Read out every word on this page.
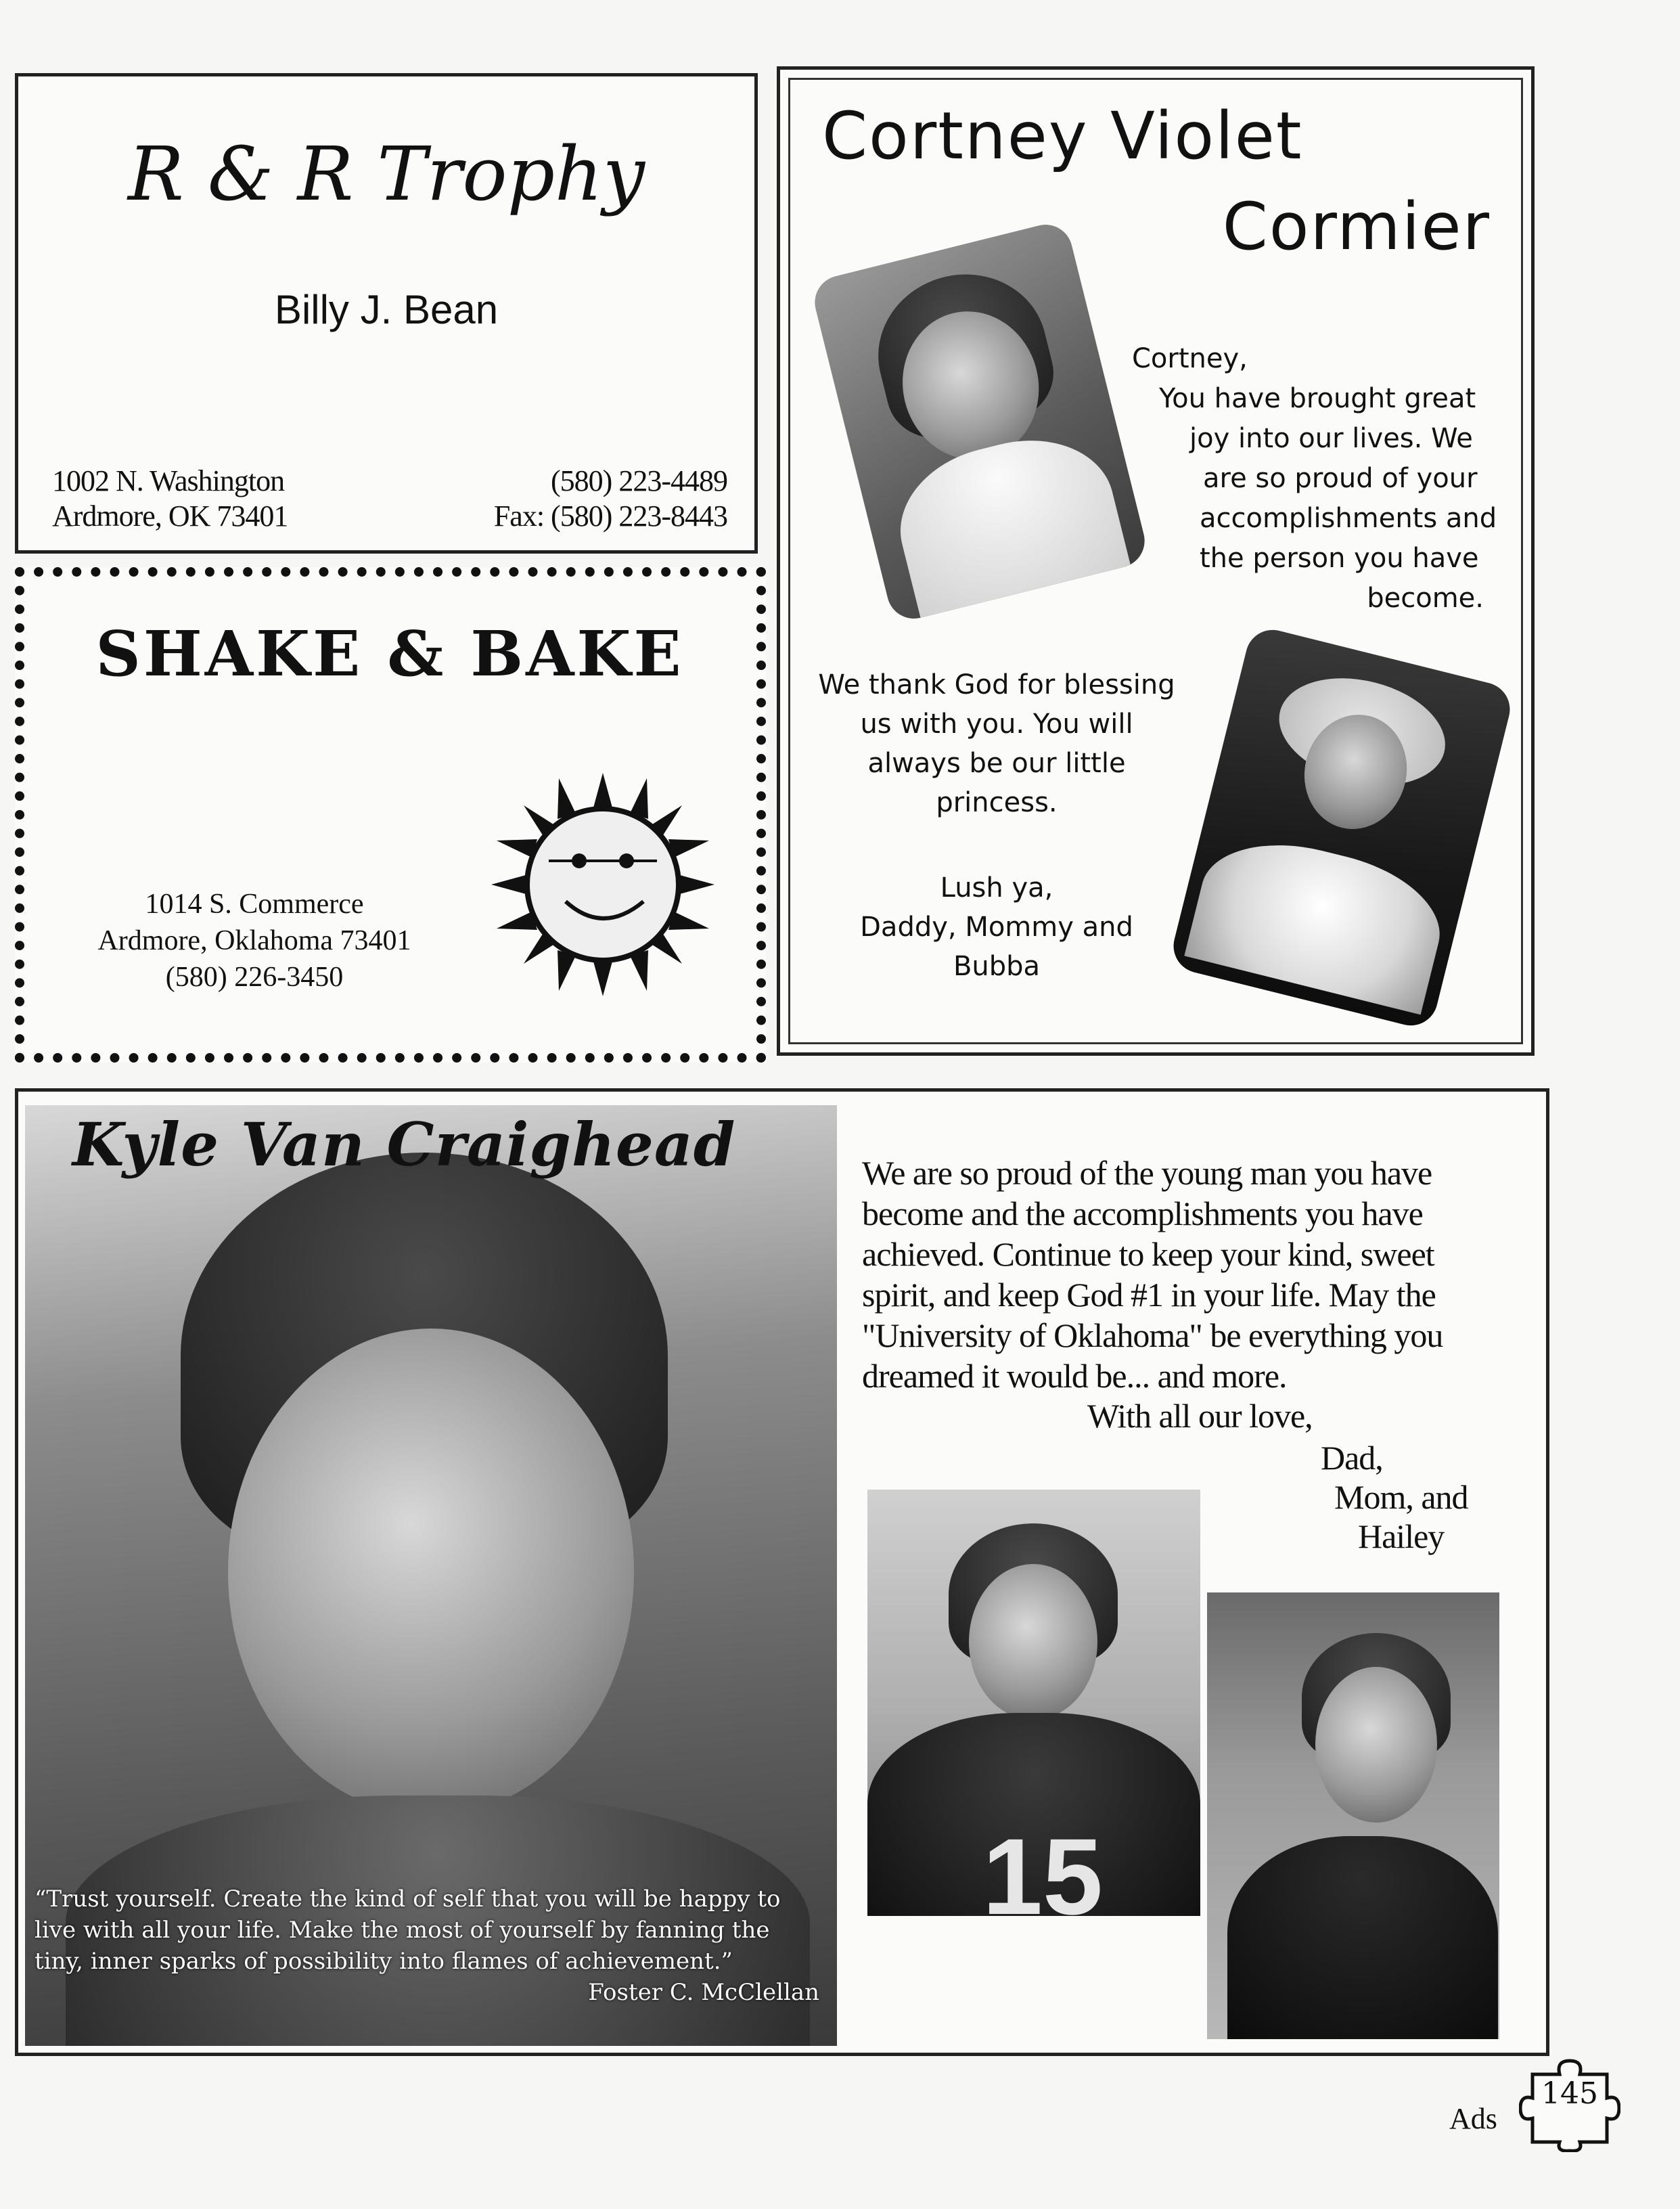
R & R Trophy
Billy J. Bean
1002 N. Washington
Ardmore, OK 73401
(580) 223-4489
Fax: (580) 223-8443
SHAKE & BAKE
1014 S. Commerce
Ardmore, Oklahoma 73401
(580) 226-3450
Cortney Violet
Cormier
Cortney,
You have brought great
joy into our lives. We
are so proud of your
accomplishments and
the person you have
become.
We thank God for blessing
us with you. You will
always be our little
princess.
Lush ya,
Daddy, Mommy and
Bubba
Kyle Van Craighead
“Trust yourself. Create the kind of self that you will be happy to
live with all your life. Make the most of yourself by fanning the
tiny, inner sparks of possibility into flames of achievement.”
Foster C. McClellan
We are so proud of the young man you have
become and the accomplishments you have
achieved. Continue to keep your kind, sweet
spirit, and keep God #1 in your life. May the
"University of Oklahoma" be everything you
dreamed it would be... and more.
With all our love,
Dad,
Mom, and
Hailey
15
Ads
145
